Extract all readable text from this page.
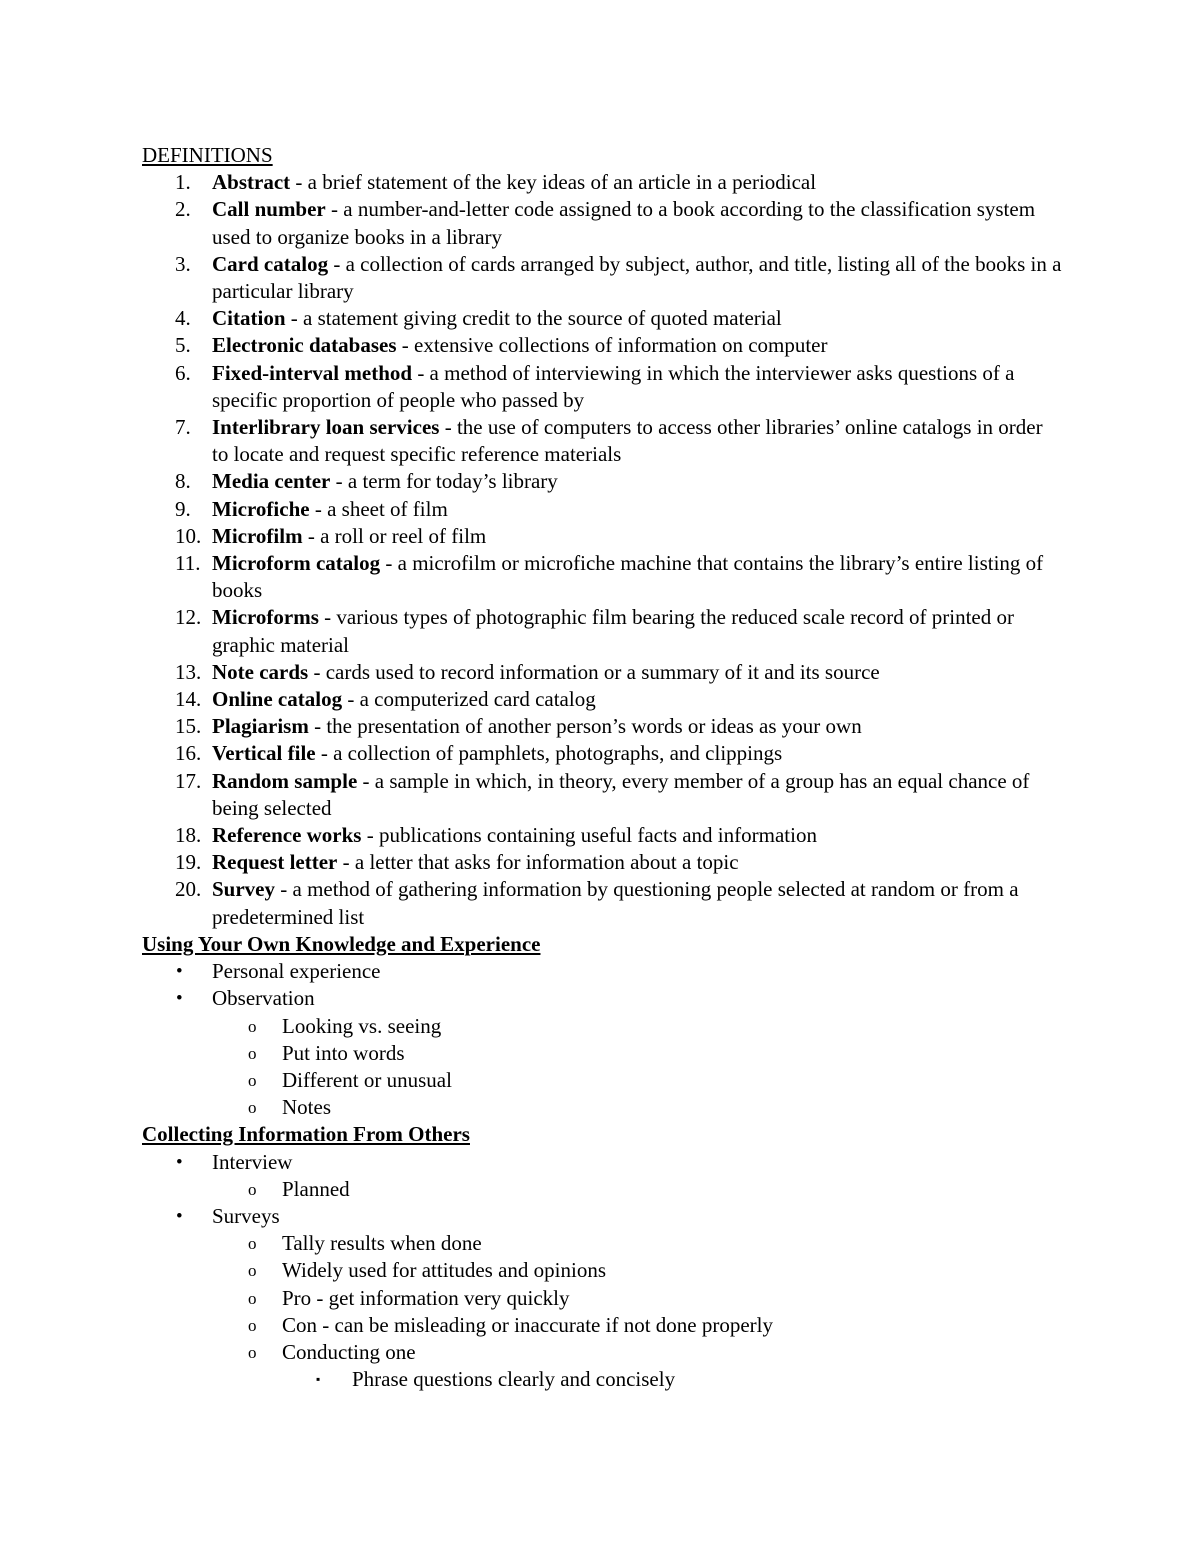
DEFINITIONS
1. Abstract - a brief statement of the key ideas of an article in a periodical
2. Call number - a number-and-letter code assigned to a book according to the classification system used to organize books in a library
3. Card catalog - a collection of cards arranged by subject, author, and title, listing all of the books in a particular library
4. Citation - a statement giving credit to the source of quoted material
5. Electronic databases - extensive collections of information on computer
6. Fixed-interval method - a method of interviewing in which the interviewer asks questions of a specific proportion of people who passed by
7. Interlibrary loan services - the use of computers to access other libraries’ online catalogs in order to locate and request specific reference materials
8. Media center - a term for today’s library
9. Microfiche - a sheet of film
10. Microfilm - a roll or reel of film
11. Microform catalog - a microfilm or microfiche machine that contains the library’s entire listing of books
12. Microforms - various types of photographic film bearing the reduced scale record of printed or graphic material
13. Note cards - cards used to record information or a summary of it and its source
14. Online catalog - a computerized card catalog
15. Plagiarism - the presentation of another person’s words or ideas as your own
16. Vertical file - a collection of pamphlets, photographs, and clippings
17. Random sample - a sample in which, in theory, every member of a group has an equal chance of being selected
18. Reference works - publications containing useful facts and information
19. Request letter - a letter that asks for information about a topic
20. Survey - a method of gathering information by questioning people selected at random or from a predetermined list
Using Your Own Knowledge and Experience
• Personal experience
• Observation
o Looking vs. seeing
o Put into words
o Different or unusual
o Notes
Collecting Information From Others
• Interview
o Planned
• Surveys
o Tally results when done
o Widely used for attitudes and opinions
o Pro - get information very quickly
o Con - can be misleading or inaccurate if not done properly
o Conducting one
▪ Phrase questions clearly and concisely
